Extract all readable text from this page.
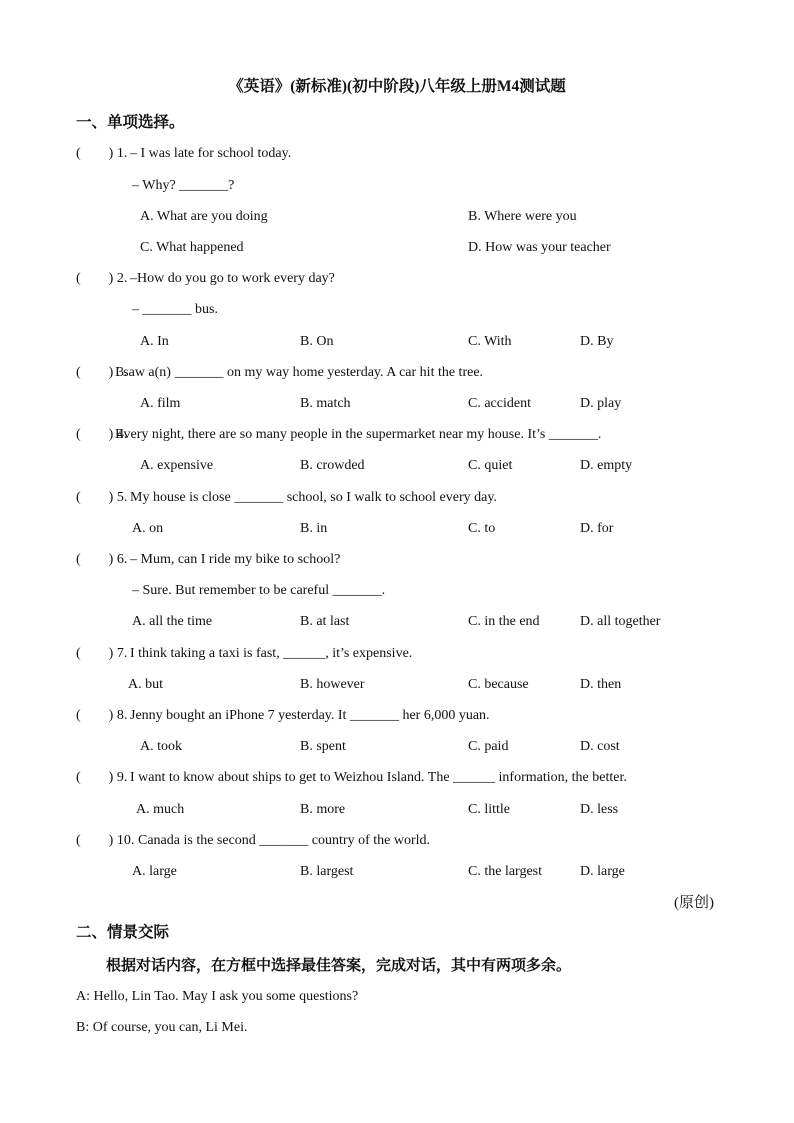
《英语》(新标准)(初中阶段)八年级上册M4测试题
一、单项选择。
(　　) 1. – I was late for school today.
– Why? _______?
A. What are you doing	B. Where were you
C. What happened	D. How was your teacher
(　　) 2. –How do you go to work every day?
– _______ bus.
A. In	B. On	C. With	D. By
(　　) 3.
I saw a(n) _______ on my way home yesterday. A car hit the tree.
A. film	B. match	C. accident	D. play
(　　) 4.
Every night, there are so many people in the supermarket near my house. It’s _______.
A. expensive	B. crowded	C. quiet	D. empty
(　　) 5. My house is close _______ school, so I walk to school every day.
A. on	B. in	C. to	D. for
(　　) 6. – Mum, can I ride my bike to school?
– Sure. But remember to be careful _______.
A. all the time	B. at last	C. in the end	D. all together
(　　) 7. I think taking a taxi is fast, ______, it’s expensive.
A. but	B. however	C. because	D. then
(　　) 8. Jenny bought an iPhone 7 yesterday. It _______ her 6,000 yuan.
A. took	B. spent	C. paid	D. cost
(　　) 9. I want to know about ships to get to Weizhou Island. The ______ information, the better.
A. much	B. more	C. little	D. less
(　　) 10. Canada is the second _______ country of the world.
A. large	B. largest	C. the largest	D. large
(原创)
二、情景交际
根据对话内容，在方框中选择最佳答案，完成对话，其中有两项多余。
A: Hello, Lin Tao. May I ask you some questions?
B: Of course, you can, Li Mei.
